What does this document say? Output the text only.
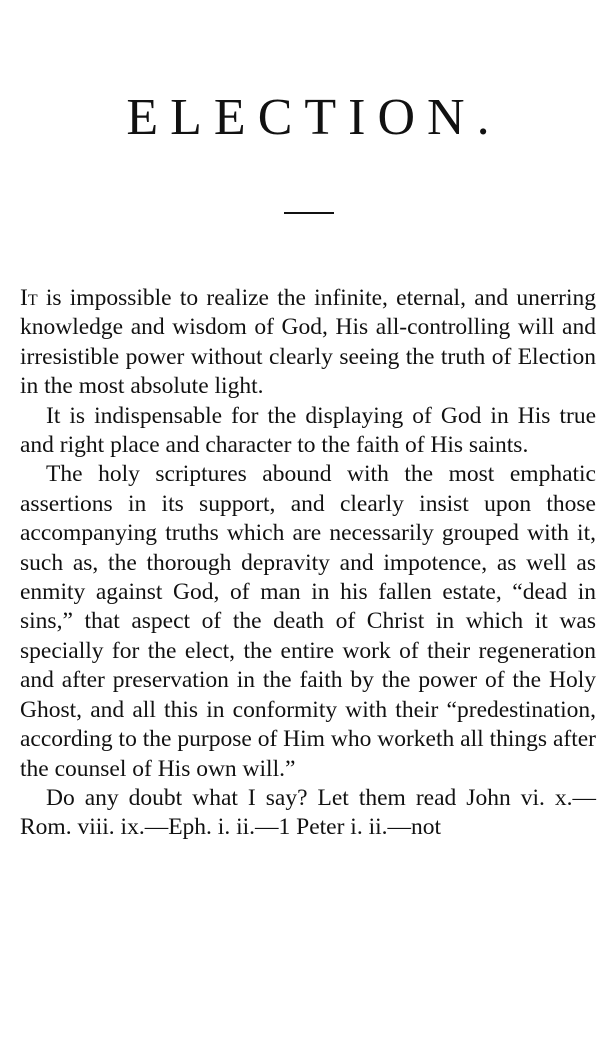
ELECTION.

It is impossible to realize the infinite, eternal, and unerring knowledge and wisdom of God, His all-controlling will and irresistible power without clearly seeing the truth of Election in the most absolute light.

It is indispensable for the displaying of God in His true and right place and character to the faith of His saints.

The holy scriptures abound with the most emphatic assertions in its support, and clearly insist upon those accompanying truths which are necessarily grouped with it, such as, the thorough depravity and impotence, as well as enmity against God, of man in his fallen estate, “dead in sins,” that aspect of the death of Christ in which it was specially for the elect, the entire work of their regeneration and after preservation in the faith by the power of the Holy Ghost, and all this in conformity with their “predestination, according to the purpose of Him who worketh all things after the counsel of His own will.”

Do any doubt what I say? Let them read John vi. x.—Rom. viii. ix.—Eph. i. ii.—1 Peter i. ii.—not
